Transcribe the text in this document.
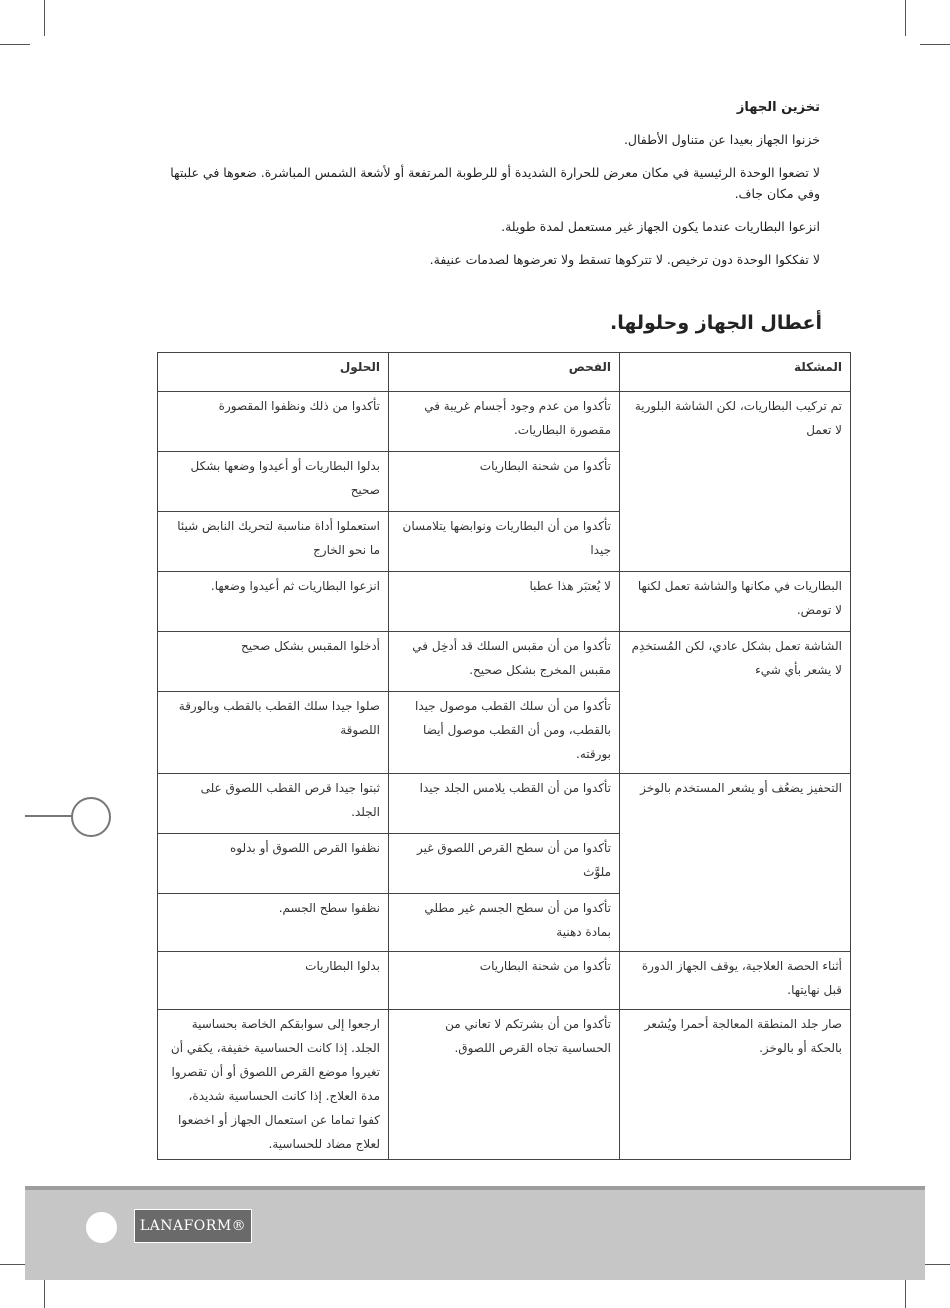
تخزين الجهاز

خزنوا الجهاز بعيدا عن متناول الأطفال.

لا تضعوا الوحدة الرئيسية في مكان معرض للحرارة الشديدة أو للرطوبة المرتفعة أو لأشعة الشمس المباشرة. ضعوها في علبتها وفي مكان جاف.

انزعوا البطاريات عندما يكون الجهاز غير مستعمل لمدة طويلة.

لا تفككوا الوحدة دون ترخيص. لا تتركوها تسقط ولا تعرضوها لصدمات عنيفة.

أعطال الجهاز وحلولها.
المشكلة	الفحص	الحلول
تم تركيب البطاريات، لكن الشاشة البلورية لا تعمل	تأكدوا من عدم وجود أجسام غريبة في مقصورة البطاريات.	تأكدوا من ذلك ونظفوا المقصورة
	تأكدوا من شحنة البطاريات	بدلوا البطاريات أو أعيدوا وضعها بشكل صحيح
	تأكدوا من أن البطاريات ونوابضها يتلامسان جيدا	استعملوا أداة مناسبة لتحريك النابض شيئا ما نحو الخارج
البطاريات في مكانها والشاشة تعمل لكنها لا تومض.	لا يُعتبَر هذا عطبا	انزعوا البطاريات ثم أعيدوا وضعها.
الشاشة تعمل بشكل عادي، لكن المُستخدِم لا يشعر بأي شيء	تأكدوا من أن مقبس السلك قد أدخِل في مقبس المخرج بشكل صحيح.	أدخلوا المقبس بشكل صحيح
	تأكدوا من أن سلك القطب موصول جيدا بالقطب، ومن أن القطب موصول أيضا بورقته.	صلوا جيدا سلك القطب بالقطب وبالورقة اللصوقة
التحفيز يضعُف أو يشعر المستخدم بالوخز	تأكدوا من أن القطب يلامس الجلد جيدا	ثبتوا جيدا قرص القطب اللصوق على الجلد.
	تأكدوا من أن سطح القرص اللصوق غير ملوَّث	نظفوا القرص اللصوق أو بدلوه
	تأكدوا من أن سطح الجسم غير مطلي بمادة دهنية	نظفوا سطح الجسم.
أثناء الحصة العلاجية، يوقف الجهاز الدورة قبل نهايتها.	تأكدوا من شحنة البطاريات	بدلوا البطاريات
صار جلد المنطقة المعالجة أحمرا ويُشعر بالحكة أو بالوخز.	تأكدوا من أن بشرتكم لا تعاني من الحساسية تجاه القرص اللصوق.	ارجعوا إلى سوابقكم الخاصة بحساسية الجلد. إذا كانت الحساسية خفيفة، يكفي أن تغيروا موضع القرص اللصوق أو أن تقصروا مدة العلاج. إذا كانت الحساسية شديدة، كفوا تماما عن استعمال الجهاز أو اخضعوا لعلاج مضاد للحساسية.
LANAFORM®
